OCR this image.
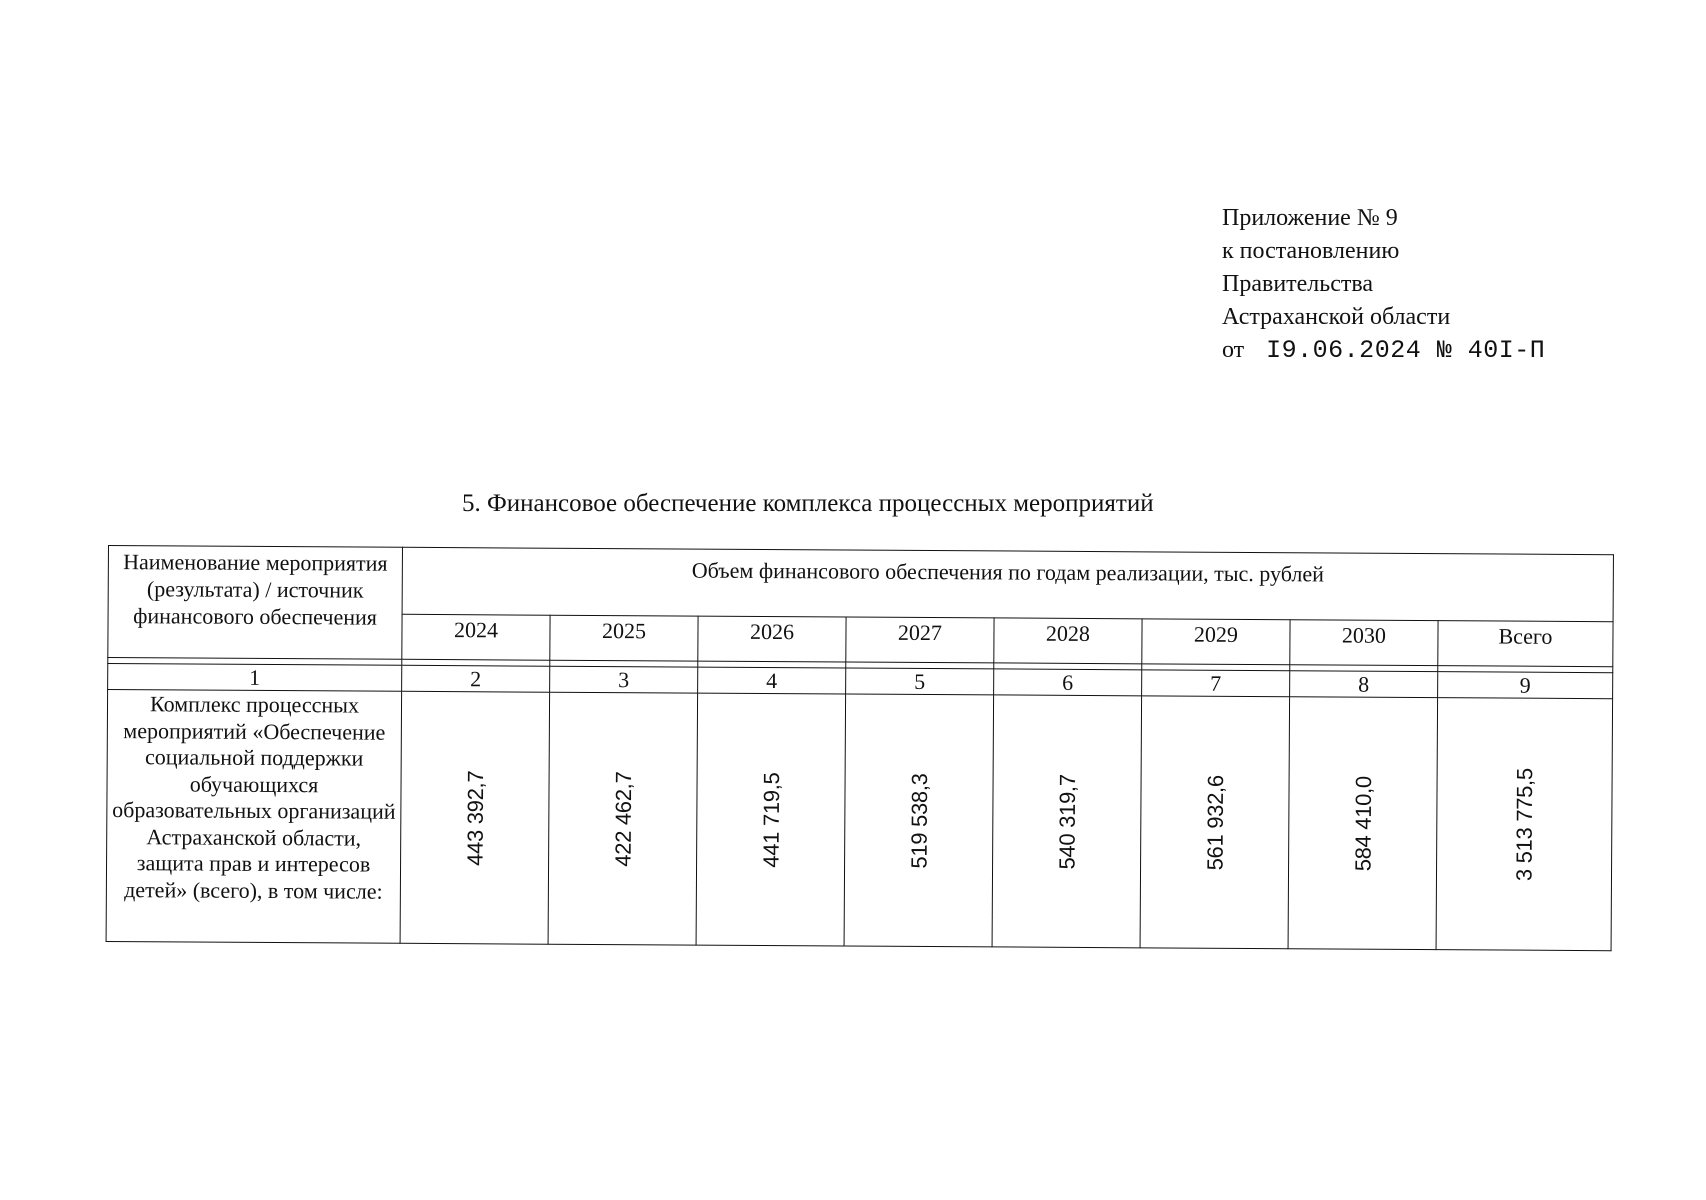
Приложение № 9
к постановлению
Правительства
Астраханской области
от I9.06.2024 № 40I-П
5. Финансовое обеспечение комплекса процессных мероприятий
Наименование мероприятия (результата) / источник финансового обеспечения	Объем финансового обеспечения по годам реализации, тыс. рублей							
	2024	2025	2026	2027	2028	2029	2030	Всего

1	2	3	4	5	6	7	8	9
Комплекс процессных мероприятий «Обеспечение социальной поддержки обучающихся образовательных организаций Астраханской области, защита прав и интересов детей» (всего), в том числе:	443 392,7	422 462,7	441 719,5	519 538,3	540 319,7	561 932,6	584 410,0	3 513 775,5
